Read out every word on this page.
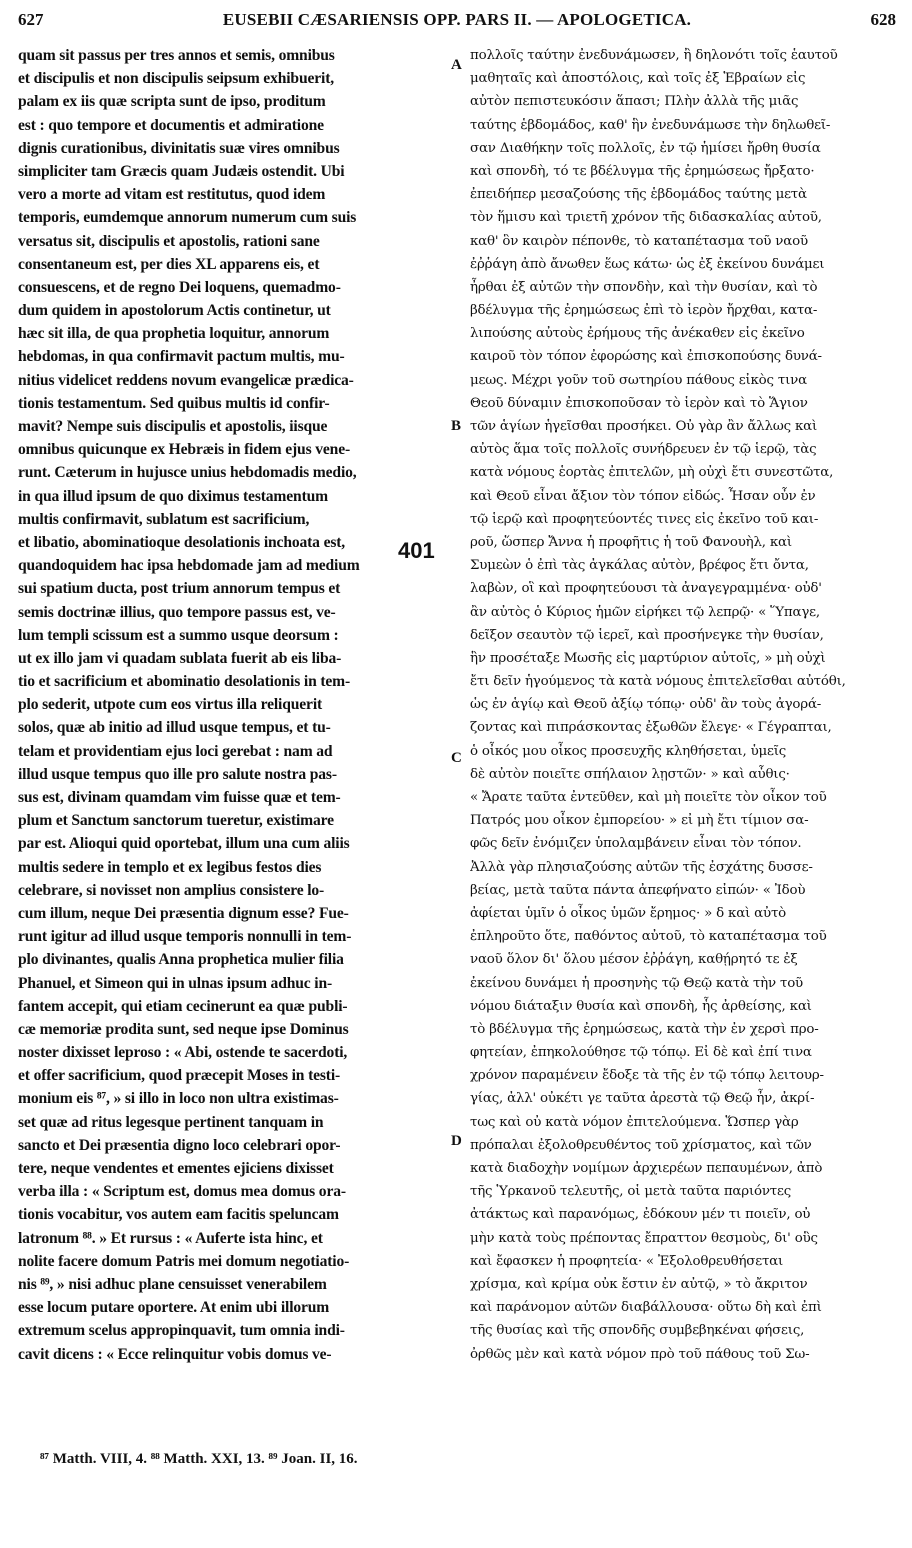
627	EUSEBII CÆSARIENSIS OPP. PARS II. — APOLOGETICA.	628
quam sit passus per tres annos et semis, omnibus
et discipulis et non discipulis seipsum exhibuerit,
palam ex iis quæ scripta sunt de ipso, proditum
est : quo tempore et documentis et admiratione
dignis curationibus, divinitatis suæ vires omnibus
simpliciter tam Græcis quam Judæis ostendit. Ubi
vero a morte ad vitam est restitutus, quod idem
temporis, eumdemque annorum numerum cum suis
versatus sit, discipulis et apostolis, rationi sane
consentaneum est, per dies XL apparens eis, et
consuescens, et de regno Dei loquens, quemadmo-
dum quidem in apostolorum Actis continetur, ut
hæc sit illa, de qua prophetia loquitur, annorum
hebdomas, in qua confirmavit pactum multis, mu-
nitius videlicet reddens novum evangelicæ prædica-
tionis testamentum. Sed quibus multis id confir-
mavit? Nempe suis discipulis et apostolis, iisque
omnibus quicunque ex Hebræis in fidem ejus vene-
runt. Cæterum in hujusce unius hebdomadis medio,
in qua illud ipsum de quo diximus testamentum
multis confirmavit, sublatum est sacrificium,
et libatio, abominatioque desolationis inchoata est,
quandoquidem hac ipsa hebdomade jam ad medium
sui spatium ducta, post trium annorum tempus et
semis doctrinæ illius, quo tempore passus est, ve-
lum templi scissum est a summo usque deorsum :
ut ex illo jam vi quadam sublata fuerit ab eis liba-
tio et sacrificium et abominatio desolationis in tem-
plo sederit, utpote cum eos virtus illa reliquerit
solos, quæ ab initio ad illud usque tempus, et tu-
telam et providentiam ejus loci gerebat : nam ad
illud usque tempus quo ille pro salute nostra pas-
sus est, divinam quamdam vim fuisse quæ et tem-
plum et Sanctum sanctorum tueretur, existimare
par est. Alioqui quid oportebat, illum una cum aliis
multis sedere in templo et ex legibus festos dies
celebrare, si novisset non amplius consistere lo-
cum illum, neque Dei præsentia dignum esse? Fue-
runt igitur ad illud usque temporis nonnulli in tem-
plo divinantes, qualis Anna prophetica mulier filia
Phanuel, et Simeon qui in ulnas ipsum adhuc in-
fantem accepit, qui etiam cecinerunt ea quæ publi-
cæ memoriæ prodita sunt, sed neque ipse Dominus
noster dixisset leproso : « Abi, ostende te sacerdoti,
et offer sacrificium, quod præcepit Moses in testi-
monium eis ⁸⁷, » si illo in loco non ultra existimas-
set quæ ad ritus legesque pertinent tanquam in
sancto et Dei præsentia digno loco celebrari opor-
tere, neque vendentes et ementes ejiciens dixisset
verba illa : « Scriptum est, domus mea domus ora-
tionis vocabitur, vos autem eam facitis speluncam
latronum ⁸⁸. » Et rursus : « Auferte ista hinc, et
nolite facere domum Patris mei domum negotiatio-
nis ⁸⁹, » nisi adhuc plane censuisset venerabilem
esse locum putare oportere. At enim ubi illorum
extremum scelus appropinquavit, tum omnia indi-
cavit dicens : « Ecce relinquitur vobis domus ve-
πολλοῖς ταύτην ἐνεδυνάμωσεν, ἢ δηλονότι τοῖς ἑαυτοῦ
μαθηταῖς καὶ ἀποστόλοις, καὶ τοῖς ἐξ Ἑβραίων εἰς
αὐτὸν πεπιστευκόσιν ἅπασι; Πλὴν ἀλλὰ τῆς μιᾶς
ταύτης ἑβδομάδος, καθ' ἣν ἐνεδυνάμωσε τὴν δηλωθεῖ-
σαν Διαθήκην τοῖς πολλοῖς, ἐν τῷ ἡμίσει ἤρθη θυσία
καὶ σπονδὴ, τό τε βδέλυγμα τῆς ἐρημώσεως ἤρξατο·
ἐπειδήπερ μεσαζούσης τῆς ἑβδομάδος ταύτης μετὰ
τὸν ἥμισυ καὶ τριετῆ χρόνον τῆς διδασκαλίας αὐτοῦ,
καθ' ὃν καιρὸν πέπονθε, τὸ καταπέτασμα τοῦ ναοῦ
ἐῤῥάγη ἀπὸ ἄνωθεν ἕως κάτω· ὡς ἐξ ἐκείνου δυνάμει
ἦρθαι ἐξ αὐτῶν τὴν σπονδὴν, καὶ τὴν θυσίαν, καὶ τὸ
βδέλυγμα τῆς ἐρημώσεως ἐπὶ τὸ ἱερὸν ἤρχθαι, κατα-
λιπούσης αὐτοὺς ἐρήμους τῆς ἀνέκαθεν εἰς ἐκεῖνο
καιροῦ τὸν τόπον ἐφορώσης καὶ ἐπισκοπούσης δυνά-
μεως. Μέχρι γοῦν τοῦ σωτηρίου πάθους εἰκὸς τινα
Θεοῦ δύναμιν ἐπισκοποῦσαν τὸ ἱερὸν καὶ τὸ Ἅγιον
τῶν ἁγίων ἡγεῖσθαι προσήκει. Οὐ γὰρ ἂν ἄλλως καὶ
αὐτὸς ἅμα τοῖς πολλοῖς συνήδρευεν ἐν τῷ ἱερῷ, τὰς
κατὰ νόμους ἑορτὰς ἐπιτελῶν, μὴ οὐχὶ ἔτι συνεστῶτα,
καὶ Θεοῦ εἶναι ἄξιον τὸν τόπον εἰδώς. Ἦσαν οὖν ἐν
τῷ ἱερῷ καὶ προφητεύοντές τινες εἰς ἐκεῖνο τοῦ και-
ροῦ, ὥσπερ Ἄννα ἡ προφῆτις ἡ τοῦ Φανουὴλ, καὶ
Συμεὼν ὁ ἐπὶ τὰς ἀγκάλας αὐτὸν, βρέφος ἔτι ὄντα,
λαβὼν, οἳ καὶ προφητεύουσι τὰ ἀναγεγραμμένα· οὐδ'
ἂν αὐτὸς ὁ Κύριος ἡμῶν εἰρήκει τῷ λεπρῷ· « Ὕπαγε,
δεῖξον σεαυτὸν τῷ ἱερεῖ, καὶ προσήνεγκε τὴν θυσίαν,
ἣν προσέταξε Μωσῆς εἰς μαρτύριον αὐτοῖς, » μὴ οὐχὶ
ἔτι δεῖν ἡγούμενος τὰ κατὰ νόμους ἐπιτελεῖσθαι αὐτόθι,
ὡς ἐν ἁγίῳ καὶ Θεοῦ ἀξίῳ τόπῳ· οὐδ' ἂν τοὺς ἀγορά-
ζοντας καὶ πιπράσκοντας ἐξωθῶν ἔλεγε· « Γέγραπται,
ὁ οἶκός μου οἶκος προσευχῆς κληθήσεται, ὑμεῖς
δὲ αὐτὸν ποιεῖτε σπήλαιον λῃστῶν· » καὶ αὖθις·
« Ἄρατε ταῦτα ἐντεῦθεν, καὶ μὴ ποιεῖτε τὸν οἶκον τοῦ
Πατρός μου οἶκον ἐμπορείου· » εἰ μὴ ἔτι τίμιον σα-
φῶς δεῖν ἐνόμιζεν ὑπολαμβάνειν εἶναι τὸν τόπον.
Ἀλλὰ γὰρ πλησιαζούσης αὐτῶν τῆς ἐσχάτης δυσσε-
βείας, μετὰ ταῦτα πάντα ἀπεφήνατο εἰπών· « Ἰδοὺ
ἀφίεται ὑμῖν ὁ οἶκος ὑμῶν ἔρημος· » δ καὶ αὐτὸ
ἐπληροῦτο ὅτε, παθόντος αὐτοῦ, τὸ καταπέτασμα τοῦ
ναοῦ ὅλον δι' ὅλου μέσον ἐῤῥάγη, καθῄρητό τε ἐξ
ἐκείνου δυνάμει ἡ προσηνὴς τῷ Θεῷ κατὰ τὴν τοῦ
νόμου διάταξιν θυσία καὶ σπονδὴ, ἧς ἀρθείσης, καὶ
τὸ βδέλυγμα τῆς ἐρημώσεως, κατὰ τὴν ἐν χερσὶ προ-
φητείαν, ἐπηκολούθησε τῷ τόπῳ. Εἰ δὲ καὶ ἐπί τινα
χρόνον παραμένειν ἔδοξε τὰ τῆς ἐν τῷ τόπῳ λειτουρ-
γίας, ἀλλ' οὐκέτι γε ταῦτα ἀρεστὰ τῷ Θεῷ ἦν, ἀκρί-
τως καὶ οὐ κατὰ νόμον ἐπιτελούμενα. Ὥσπερ γὰρ
πρόπαλαι ἐξολοθρευθέντος τοῦ χρίσματος, καὶ τῶν
κατὰ διαδοχὴν νομίμων ἀρχιερέων πεπαυμένων, ἀπὸ
τῆς Ὑρκανοῦ τελευτῆς, οἱ μετὰ ταῦτα παριόντες
ἀτάκτως καὶ παρανόμως, ἐδόκουν μέν τι ποιεῖν, οὐ
μὴν κατὰ τοὺς πρέποντας ἔπραττον θεσμοὺς, δι' οὓς
καὶ ἔφασκεν ἡ προφητεία· « Ἐξολοθρευθήσεται
χρίσμα, καὶ κρίμα οὐκ ἔστιν ἐν αὐτῷ, » τὸ ἄκριτον
καὶ παράνομον αὐτῶν διαβάλλουσα· οὕτω δὴ καὶ ἐπὶ
τῆς θυσίας καὶ τῆς σπονδῆς συμβεβηκέναι φήσεις,
ὀρθῶς μὲν καὶ κατὰ νόμον πρὸ τοῦ πάθους τοῦ Σω-
A
B
C
D
401
⁸⁷ Matth. VIII, 4. ⁸⁸ Matth. XXI, 13. ⁸⁹ Joan. II, 16.
